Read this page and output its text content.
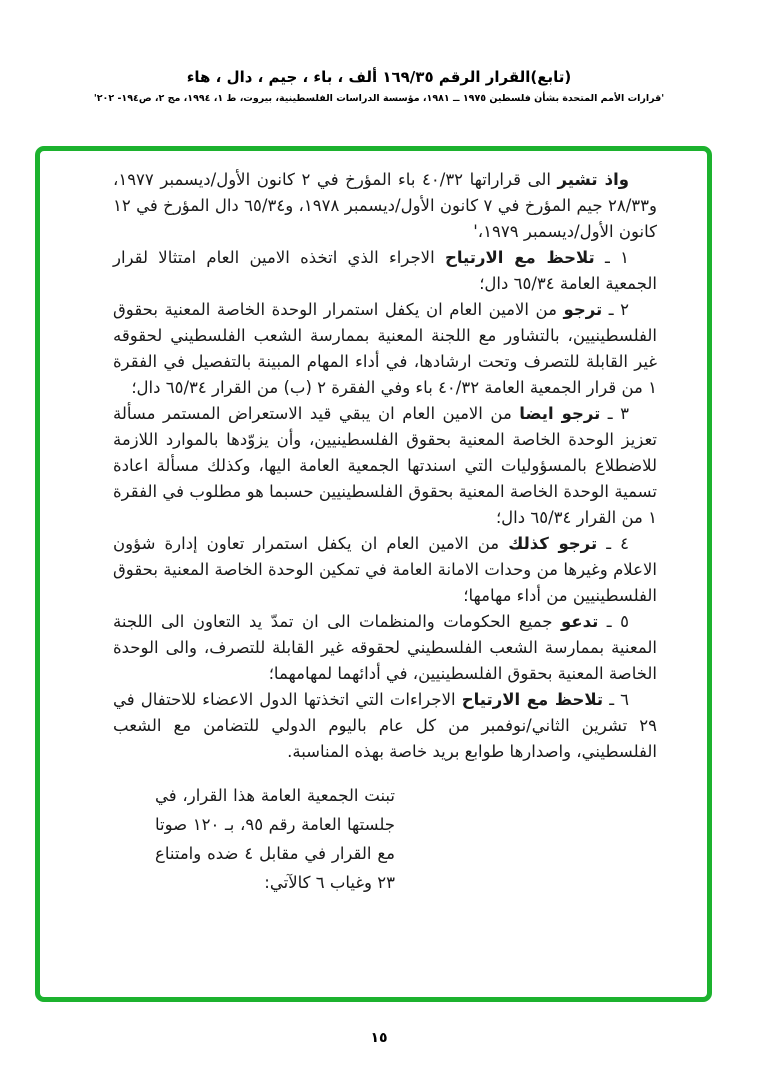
(تابع)القرار الرقم ١٦٩/٣٥ ألف ، باء ، جيم ، دال ، هاء
'قرارات الأمم المتحدة بشأن فلسطين ١٩٧٥ ــ ١٩٨١، مؤسسة الدراسات الفلسطينية، بيروت، ط ١، ١٩٩٤، مج ٢، ص١٩٤- ٢٠٢'

واذ تشير الى قراراتها ٤٠/٣٢ باء المؤرخ في ٢ كانون الأول/ديسمبر ١٩٧٧، و٢٨/٣٣ جيم المؤرخ في ٧ كانون الأول/ديسمبر ١٩٧٨، و٦٥/٣٤ دال المؤرخ في ١٢ كانون الأول/ديسمبر ١٩٧٩،'

١ ـ تلاحظ مع الارتياح الاجراء الذي اتخذه الامين العام امتثالا لقرار الجمعية العامة ٦٥/٣٤ دال؛

٢ ـ ترجو من الامين العام ان يكفل استمرار الوحدة الخاصة المعنية بحقوق الفلسطينيين، بالتشاور مع اللجنة المعنية بممارسة الشعب الفلسطيني لحقوقه غير القابلة للتصرف وتحت ارشادها، في أداء المهام المبينة بالتفصيل في الفقرة ١ من قرار الجمعية العامة ٤٠/٣٢ باء وفي الفقرة ٢ (ب) من القرار ٦٥/٣٤ دال؛

٣ ـ ترجو ايضا من الامين العام ان يبقي قيد الاستعراض المستمر مسألة تعزيز الوحدة الخاصة المعنية بحقوق الفلسطينيين، وأن يزوّدها بالموارد اللازمة للاضطلاع بالمسؤوليات التي اسندتها الجمعية العامة اليها، وكذلك مسألة اعادة تسمية الوحدة الخاصة المعنية بحقوق الفلسطينيين حسبما هو مطلوب في الفقرة ١ من القرار ٦٥/٣٤ دال؛

٤ ـ ترجو كذلك من الامين العام ان يكفل استمرار تعاون إدارة شؤون الاعلام وغيرها من وحدات الامانة العامة في تمكين الوحدة الخاصة المعنية بحقوق الفلسطينيين من أداء مهامها؛

٥ ـ تدعو جميع الحكومات والمنظمات الى ان تمدّ يد التعاون الى اللجنة المعنية بممارسة الشعب الفلسطيني لحقوقه غير القابلة للتصرف، والى الوحدة الخاصة المعنية بحقوق الفلسطينيين، في أدائهما لمهامهما؛

٦ ـ تلاحظ مع الارتياح الاجراءات التي اتخذتها الدول الاعضاء للاحتفال في ٢٩ تشرين الثاني/نوفمبر من كل عام باليوم الدولي للتضامن مع الشعب الفلسطيني، واصدارها طوابع بريد خاصة بهذه المناسبة.

تبنت الجمعية العامة هذا القرار، في جلستها العامة رقم ٩٥، بـ ١٢٠ صوتا مع القرار في مقابل ٤ ضده وامتناع ٢٣ وغياب ٦ كالآتي:

١٥
